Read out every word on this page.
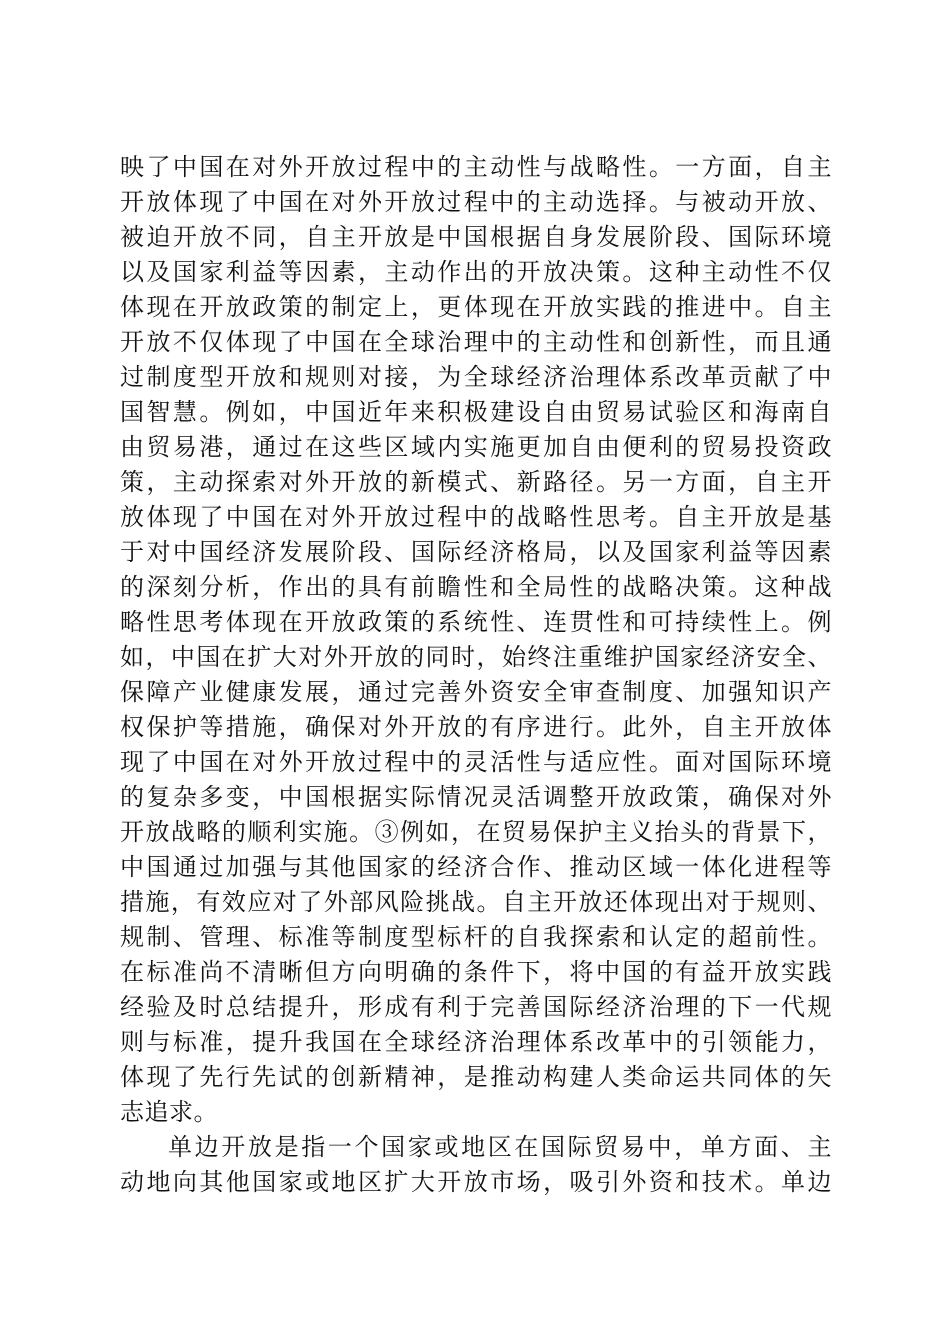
映了中国在对外开放过程中的主动性与战略性。一方面，自主
开放体现了中国在对外开放过程中的主动选择。与被动开放、
被迫开放不同，自主开放是中国根据自身发展阶段、国际环境
以及国家利益等因素，主动作出的开放决策。这种主动性不仅
体现在开放政策的制定上，更体现在开放实践的推进中。自主
开放不仅体现了中国在全球治理中的主动性和创新性，而且通
过制度型开放和规则对接，为全球经济治理体系改革贡献了中
国智慧。例如，中国近年来积极建设自由贸易试验区和海南自
由贸易港，通过在这些区域内实施更加自由便利的贸易投资政
策，主动探索对外开放的新模式、新路径。另一方面，自主开
放体现了中国在对外开放过程中的战略性思考。自主开放是基
于对中国经济发展阶段、国际经济格局，以及国家利益等因素
的深刻分析，作出的具有前瞻性和全局性的战略决策。这种战
略性思考体现在开放政策的系统性、连贯性和可持续性上。例
如，中国在扩大对外开放的同时，始终注重维护国家经济安全、
保障产业健康发展，通过完善外资安全审查制度、加强知识产
权保护等措施，确保对外开放的有序进行。此外，自主开放体
现了中国在对外开放过程中的灵活性与适应性。面对国际环境
的复杂多变，中国根据实际情况灵活调整开放政策，确保对外
开放战略的顺利实施。③例如，在贸易保护主义抬头的背景下，
中国通过加强与其他国家的经济合作、推动区域一体化进程等
措施，有效应对了外部风险挑战。自主开放还体现出对于规则、
规制、管理、标准等制度型标杆的自我探索和认定的超前性。
在标准尚不清晰但方向明确的条件下，将中国的有益开放实践
经验及时总结提升，形成有利于完善国际经济治理的下一代规
则与标准，提升我国在全球经济治理体系改革中的引领能力，
体现了先行先试的创新精神，是推动构建人类命运共同体的矢
志追求。
单边开放是指一个国家或地区在国际贸易中，单方面、主
动地向其他国家或地区扩大开放市场，吸引外资和技术。单边
